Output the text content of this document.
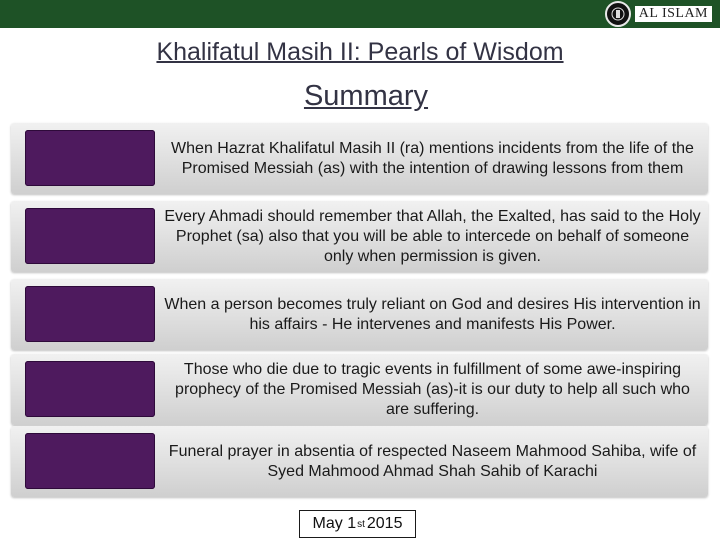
AL ISLAM
Khalifatul Masih II: Pearls of Wisdom
Summary
When Hazrat Khalifatul Masih II (ra) mentions incidents from the life of the Promised Messiah (as) with the intention of drawing lessons from them
Every Ahmadi should remember that Allah, the Exalted, has said to the Holy Prophet (sa) also that you will be able to intercede on behalf of someone only when permission is given.
When a person becomes truly reliant on God and desires His intervention in his affairs - He intervenes and manifests His Power.
Those who die due to tragic events in fulfillment of some awe-inspiring prophecy of the Promised Messiah (as)-it is our duty to help all such who are suffering.
Funeral prayer in absentia of respected Naseem Mahmood Sahiba, wife of Syed Mahmood Ahmad Shah Sahib of Karachi
May 1 st 2015
